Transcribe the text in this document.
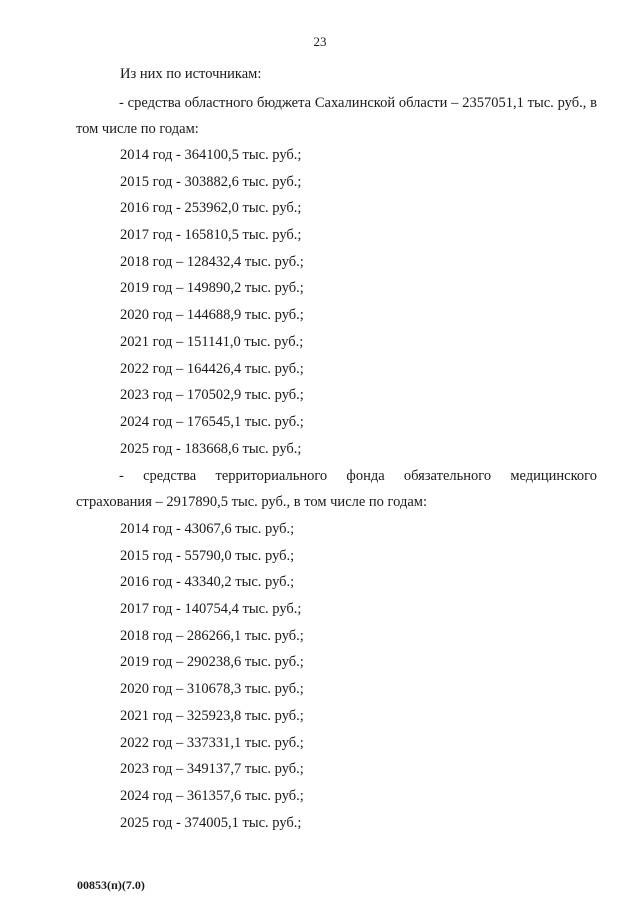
23
Из них по источникам:
- средства областного бюджета Сахалинской области – 2357051,1 тыс. руб., в том числе по годам:
2014 год - 364100,5 тыс. руб.;
2015 год - 303882,6 тыс. руб.;
2016 год - 253962,0 тыс. руб.;
2017 год - 165810,5 тыс. руб.;
2018 год – 128432,4 тыс. руб.;
2019 год – 149890,2 тыс. руб.;
2020 год – 144688,9 тыс. руб.;
2021 год – 151141,0 тыс. руб.;
2022 год – 164426,4 тыс. руб.;
2023 год – 170502,9 тыс. руб.;
2024 год – 176545,1 тыс. руб.;
2025 год - 183668,6 тыс. руб.;
- средства территориального фонда обязательного медицинского страхования – 2917890,5 тыс. руб., в том числе по годам:
2014 год - 43067,6 тыс. руб.;
2015 год - 55790,0 тыс. руб.;
2016 год - 43340,2 тыс. руб.;
2017 год - 140754,4 тыс. руб.;
2018 год – 286266,1 тыс. руб.;
2019 год – 290238,6 тыс. руб.;
2020 год – 310678,3 тыс. руб.;
2021 год – 325923,8 тыс. руб.;
2022 год – 337331,1 тыс. руб.;
2023 год – 349137,7 тыс. руб.;
2024 год – 361357,6 тыс. руб.;
2025 год - 374005,1 тыс. руб.;
00853(п)(7.0)
